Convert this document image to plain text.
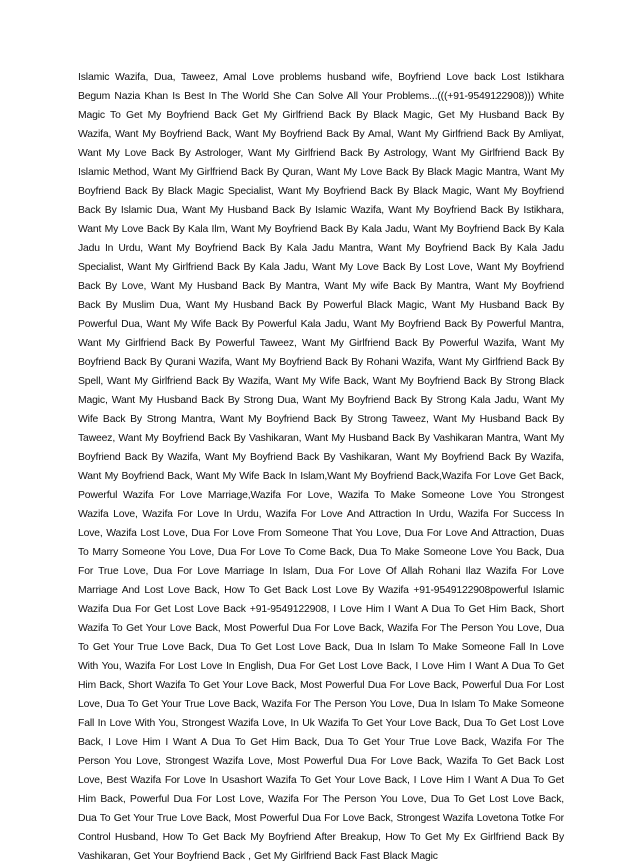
Islamic Wazifa, Dua, Taweez, Amal Love problems husband wife, Boyfriend Love back Lost Istikhara Begum Nazia Khan Is Best In The World She Can Solve All Your Problems...(((+91-9549122908))) White Magic To Get My Boyfriend Back Get My Girlfriend Back By Black Magic, Get My Husband Back By Wazifa, Want My Boyfriend Back, Want My Boyfriend Back By Amal, Want My Girlfriend Back By Amliyat, Want My Love Back By Astrologer, Want My Girlfriend Back By Astrology, Want My Girlfriend Back By Islamic Method, Want My Girlfriend Back By Quran, Want My Love Back By Black Magic Mantra, Want My Boyfriend Back By Black Magic Specialist, Want My Boyfriend Back By Black Magic, Want My Boyfriend Back By Islamic Dua, Want My Husband Back By Islamic Wazifa, Want My Boyfriend Back By Istikhara, Want My Love Back By Kala Ilm, Want My Boyfriend Back By Kala Jadu, Want My Boyfriend Back By Kala Jadu In Urdu, Want My Boyfriend Back By Kala Jadu Mantra, Want My Boyfriend Back By Kala Jadu Specialist, Want My Girlfriend Back By Kala Jadu, Want My Love Back By Lost Love, Want My Boyfriend Back By Love, Want My Husband Back By Mantra, Want My wife Back By Mantra, Want My Boyfriend Back By Muslim Dua, Want My Husband Back By Powerful Black Magic, Want My Husband Back By Powerful Dua, Want My Wife Back By Powerful Kala Jadu, Want My Boyfriend Back By Powerful Mantra, Want My Girlfriend Back By Powerful Taweez, Want My Girlfriend Back By Powerful Wazifa, Want My Boyfriend Back By Qurani Wazifa, Want My Boyfriend Back By Rohani Wazifa, Want My Girlfriend Back By Spell, Want My Girlfriend Back By Wazifa, Want My Wife Back, Want My Boyfriend Back By Strong Black Magic, Want My Husband Back By Strong Dua, Want My Boyfriend Back By Strong Kala Jadu, Want My Wife Back By Strong Mantra, Want My Boyfriend Back By Strong Taweez, Want My Husband Back By Taweez, Want My Boyfriend Back By Vashikaran, Want My Husband Back By Vashikaran Mantra, Want My Boyfriend Back By Wazifa, Want My Boyfriend Back By Vashikaran, Want My Boyfriend Back By Wazifa, Want My Boyfriend Back, Want My Wife Back In Islam,Want My Boyfriend Back,Wazifa For Love Get Back, Powerful Wazifa For Love Marriage,Wazifa For Love, Wazifa To Make Someone Love You Strongest Wazifa Love, Wazifa For Love In Urdu, Wazifa For Love And Attraction In Urdu, Wazifa For Success In Love, Wazifa Lost Love, Dua For Love From Someone That You Love, Dua For Love And Attraction, Duas To Marry Someone You Love, Dua For Love To Come Back, Dua To Make Someone Love You Back, Dua For True Love, Dua For Love Marriage In Islam, Dua For Love Of Allah Rohani Ilaz Wazifa For Love Marriage And Lost Love Back, How To Get Back Lost Love By Wazifa +91-9549122908powerful Islamic Wazifa Dua For Get Lost Love Back +91-9549122908, I Love Him I Want A Dua To Get Him Back, Short Wazifa To Get Your Love Back, Most Powerful Dua For Love Back, Wazifa For The Person You Love, Dua To Get Your True Love Back, Dua To Get Lost Love Back, Dua In Islam To Make Someone Fall In Love With You, Wazifa For Lost Love In English, Dua For Get Lost Love Back, I Love Him I Want A Dua To Get Him Back, Short Wazifa To Get Your Love Back, Most Powerful Dua For Love Back, Powerful Dua For Lost Love, Dua To Get Your True Love Back, Wazifa For The Person You Love, Dua In Islam To Make Someone Fall In Love With You, Strongest Wazifa Love, In Uk Wazifa To Get Your Love Back, Dua To Get Lost Love Back, I Love Him I Want A Dua To Get Him Back, Dua To Get Your True Love Back, Wazifa For The Person You Love, Strongest Wazifa Love, Most Powerful Dua For Love Back, Wazifa To Get Back Lost Love, Best Wazifa For Love In Usashort Wazifa To Get Your Love Back, I Love Him I Want A Dua To Get Him Back, Powerful Dua For Lost Love, Wazifa For The Person You Love, Dua To Get Lost Love Back, Dua To Get Your True Love Back, Most Powerful Dua For Love Back, Strongest Wazifa Lovetona Totke For Control Husband, How To Get Back My Boyfriend After Breakup, How To Get My Ex Girlfriend Back By Vashikaran, Get Your Boyfriend Back , Get My Girlfriend Back Fast Black Magic
